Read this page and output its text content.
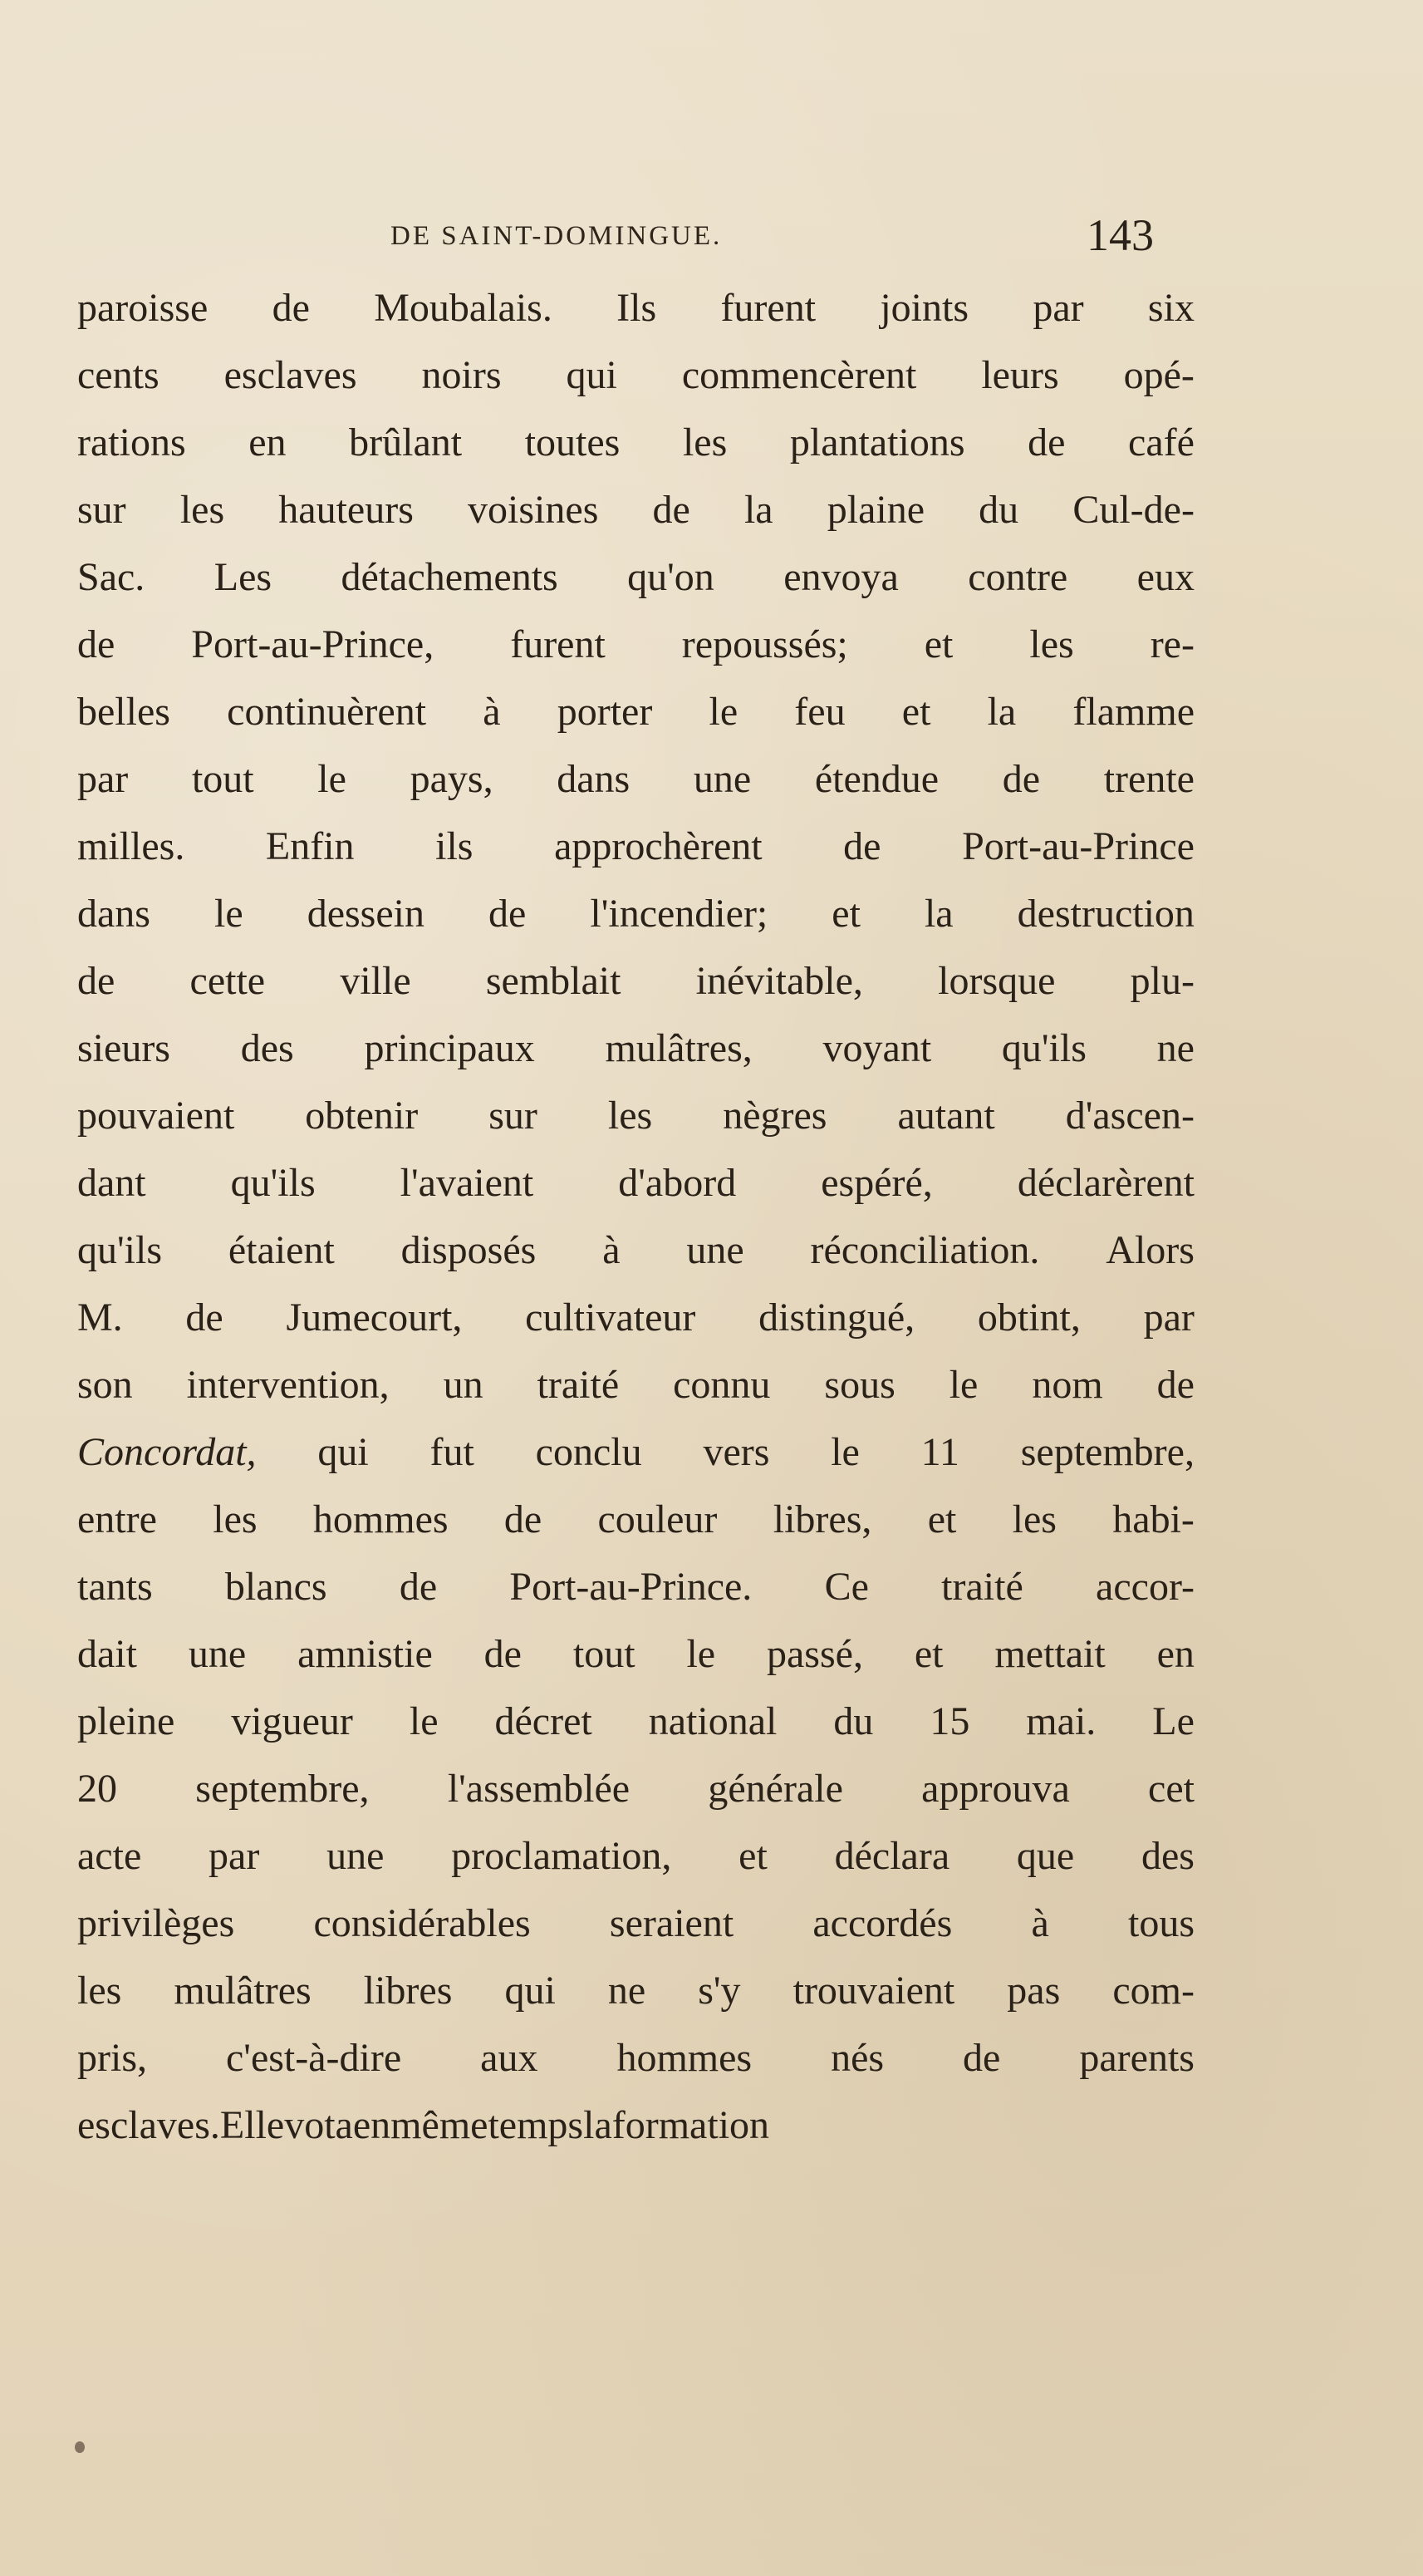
DE SAINT-DOMINGUE.	143
paroisse de Moubalais. Ils furent joints par six
cents esclaves noirs qui commencèrent leurs opé-
rations en brûlant toutes les plantations de café
sur les hauteurs voisines de la plaine du Cul-de-
Sac. Les détachements qu'on envoya contre eux
de Port-au-Prince, furent repoussés; et les re-
belles continuèrent à porter le feu et la flamme
par tout le pays, dans une étendue de trente
milles. Enfin ils approchèrent de Port-au-Prince
dans le dessein de l'incendier; et la destruction
de cette ville semblait inévitable, lorsque plu-
sieurs des principaux mulâtres, voyant qu'ils ne
pouvaient obtenir sur les nègres autant d'ascen-
dant qu'ils l'avaient d'abord espéré, déclarèrent
qu'ils étaient disposés à une réconciliation. Alors
M. de Jumecourt, cultivateur distingué, obtint, par
son intervention, un traité connu sous le nom de
Concordat, qui fut conclu vers le 11 septembre,
entre les hommes de couleur libres, et les habi-
tants blancs de Port-au-Prince. Ce traité accor-
dait une amnistie de tout le passé, et mettait en
pleine vigueur le décret national du 15 mai. Le
20 septembre, l'assemblée générale approuva cet
acte par une proclamation, et déclara que des
privilèges considérables seraient accordés à tous
les mulâtres libres qui ne s'y trouvaient pas com-
pris, c'est-à-dire aux hommes nés de parents
esclaves. Elle vota en même temps la formation
